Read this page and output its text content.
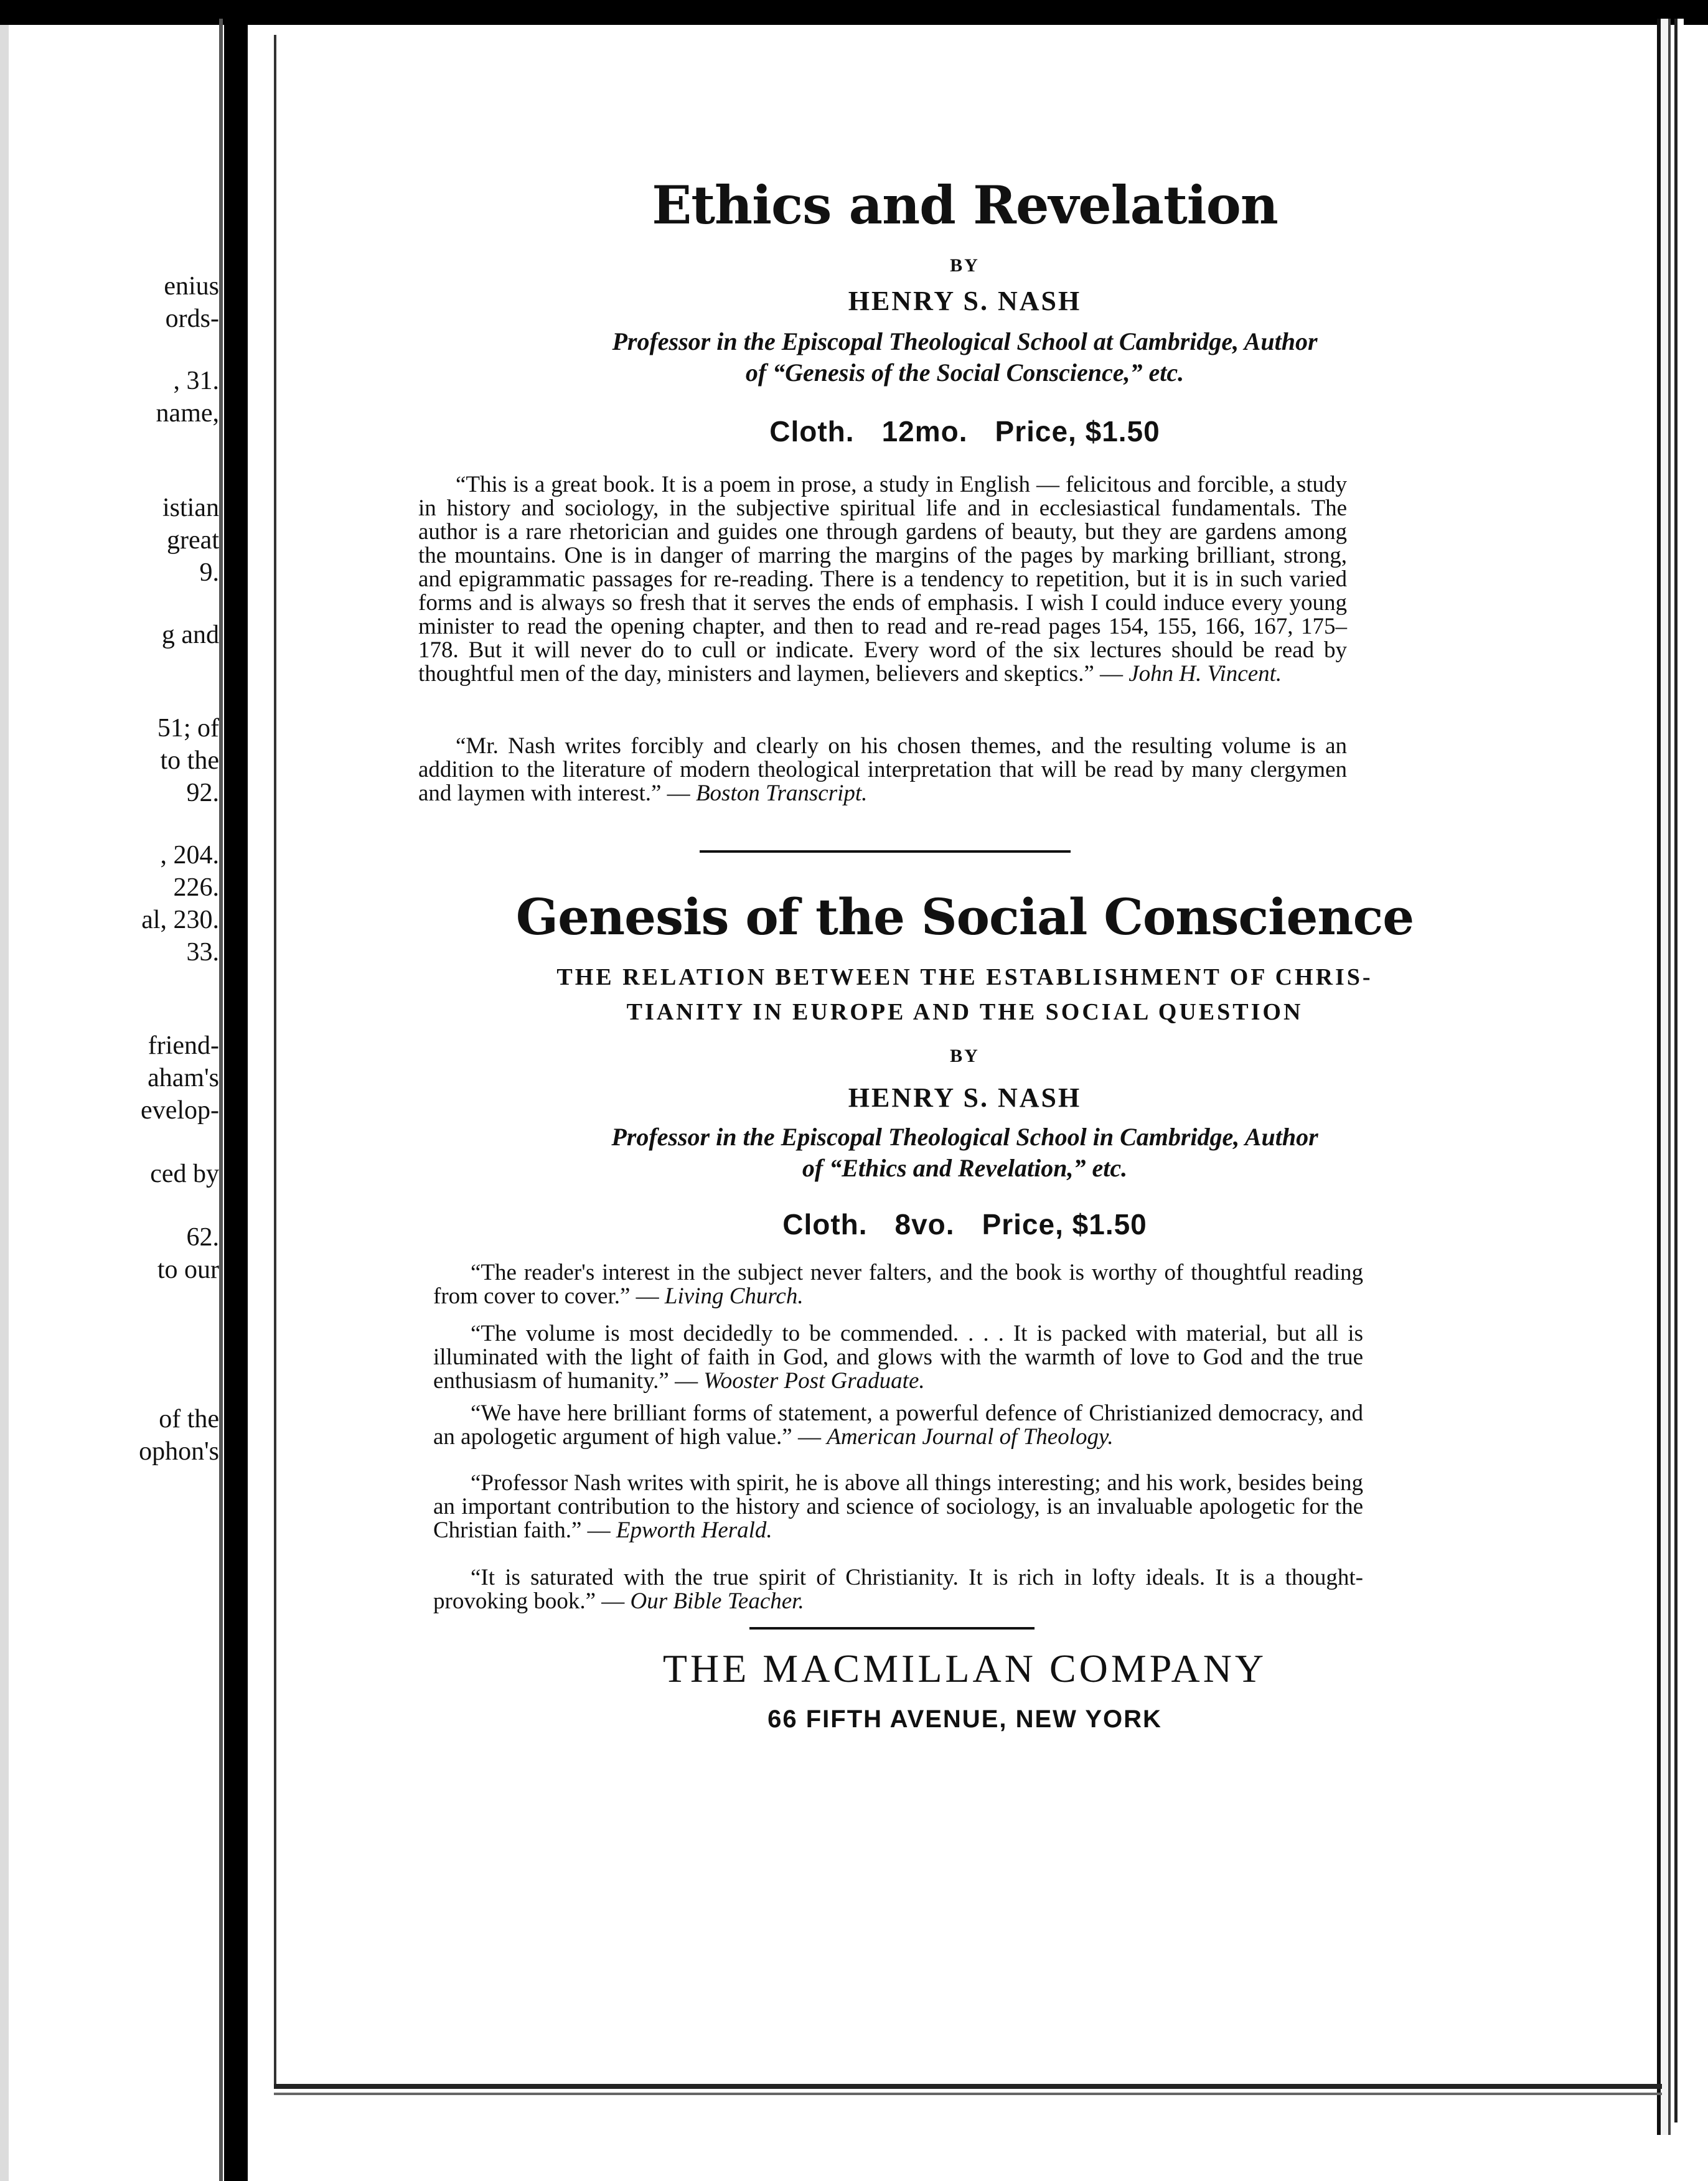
enius
ords-
, 31.
name,
istian
great
9.
g and
51; of
to the
92.
, 204.
226.
al, 230.
33.
friend-
aham's
evelop-
ced by
62.
to our
of the
ophon's
Ethics and Revelation
BY
HENRY S. NASH
Professor in the Episcopal Theological School at Cambridge, Author
of “Genesis of the Social Conscience,” etc.
Cloth. 12mo. Price, $1.50
“This is a great book. It is a poem in prose, a study in English — felicitous and forcible, a study in history and sociology, in the subjective spiritual life and in ecclesiastical fundamentals. The author is a rare rhetorician and guides one through gardens of beauty, but they are gardens among the mountains. One is in danger of marring the margins of the pages by marking brilliant, strong, and epigrammatic passages for re-reading. There is a tendency to repetition, but it is in such varied forms and is always so fresh that it serves the ends of emphasis. I wish I could induce every young minister to read the opening chapter, and then to read and re-read pages 154, 155, 166, 167, 175–178. But it will never do to cull or indicate. Every word of the six lectures should be read by thoughtful men of the day, ministers and laymen, believers and skeptics.” — John H. Vincent.
“Mr. Nash writes forcibly and clearly on his chosen themes, and the resulting volume is an addition to the literature of modern theological interpretation that will be read by many clergymen and laymen with interest.” — Boston Transcript.
Genesis of the Social Conscience
THE RELATION BETWEEN THE ESTABLISHMENT OF CHRIS-
TIANITY IN EUROPE AND THE SOCIAL QUESTION
BY
HENRY S. NASH
Professor in the Episcopal Theological School in Cambridge, Author
of “Ethics and Revelation,” etc.
Cloth. 8vo. Price, $1.50
“The reader's interest in the subject never falters, and the book is worthy of thoughtful reading from cover to cover.” — Living Church.
“The volume is most decidedly to be commended. . . . It is packed with material, but all is illuminated with the light of faith in God, and glows with the warmth of love to God and the true enthusiasm of humanity.” — Wooster Post Graduate.
“We have here brilliant forms of statement, a powerful defence of Christianized democracy, and an apologetic argument of high value.” — American Journal of Theology.
“Professor Nash writes with spirit, he is above all things interesting; and his work, besides being an important contribution to the history and science of sociology, is an invaluable apologetic for the Christian faith.” — Epworth Herald.
“It is saturated with the true spirit of Christianity. It is rich in lofty ideals. It is a thought-provoking book.” — Our Bible Teacher.
THE MACMILLAN COMPANY
66 FIFTH AVENUE, NEW YORK
